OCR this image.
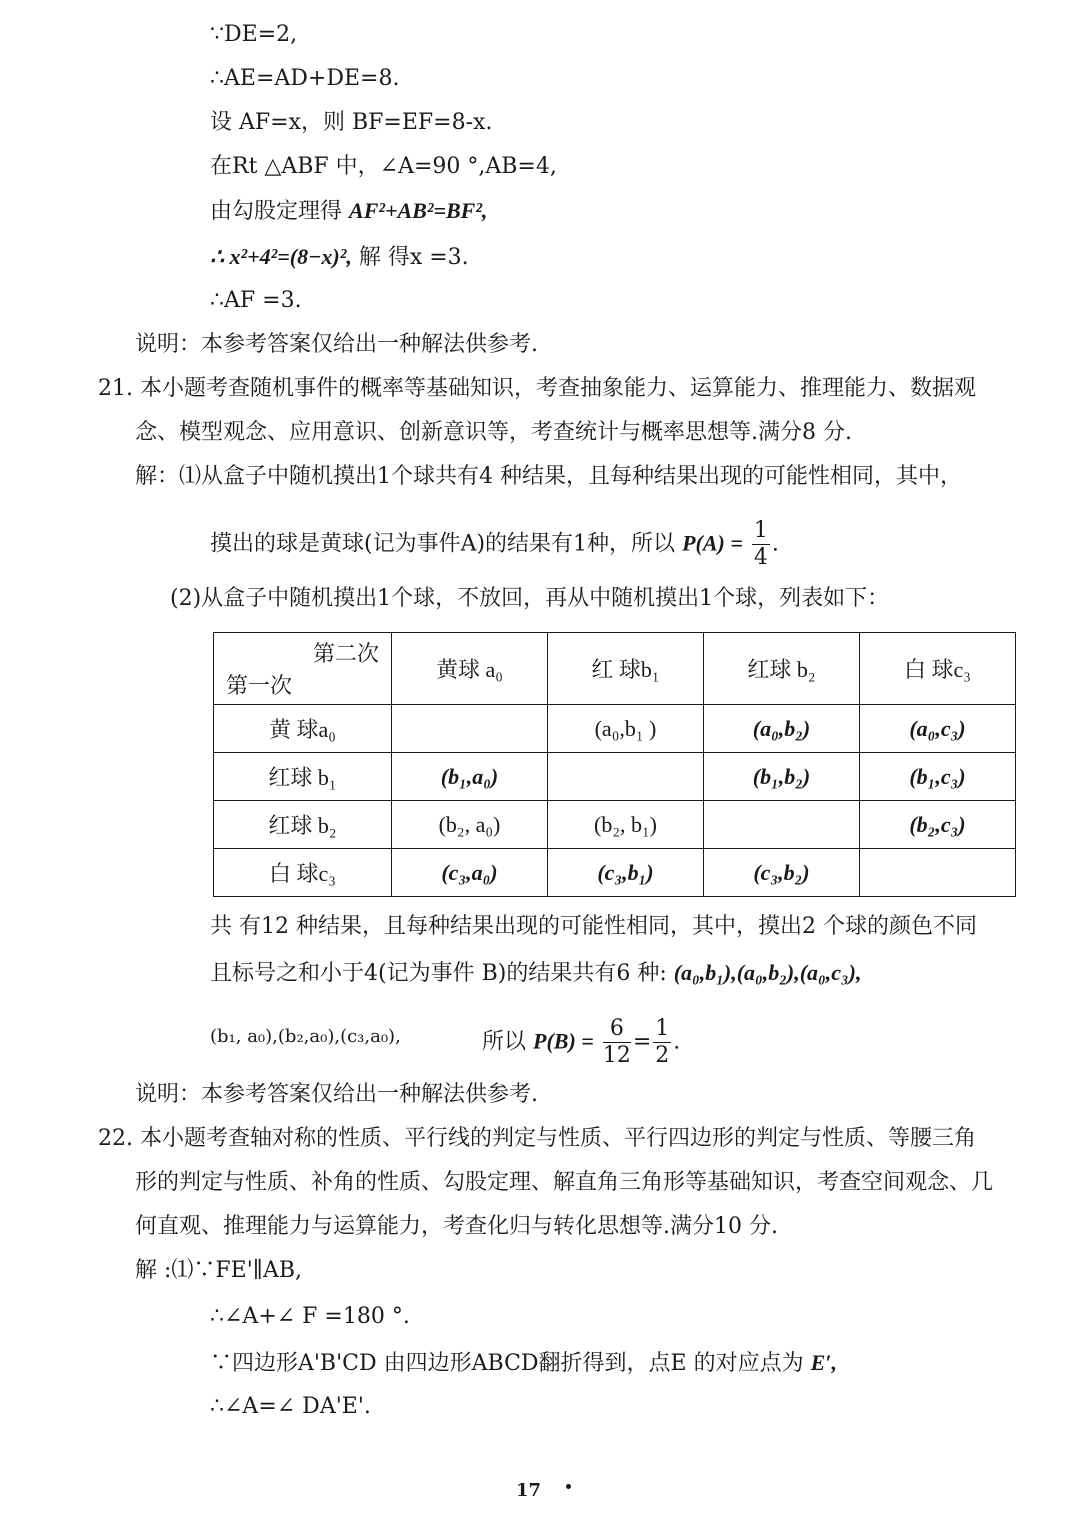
∵DE=2,
∴AE=AD+DE=8.
设 AF=x，则 BF=EF=8-x.
在Rt △ABF 中，∠A=90 °,AB=4,
由勾股定理得 AF²+AB²=BF²,
∴ x²+4²=(8−x)², 解 得x =3.
∴AF =3.
说明：本参考答案仅给出一种解法供参考.
21. 本小题考查随机事件的概率等基础知识，考查抽象能力、运算能力、推理能力、数据观
念、模型观念、应用意识、创新意识等，考查统计与概率思想等.满分8 分.
解：⑴从盒子中随机摸出1个球共有4 种结果，且每种结果出现的可能性相同，其中，
摸出的球是黄球(记为事件A)的结果有1种，所以 $P(A) = \frac{1}{4}$ .
(2)从盒子中随机摸出1个球，不放回，再从中随机摸出1个球，列表如下：
第二次
第一次	黄球 a₀	红 球b₁	红球 b₂	白 球c₃
黄 球a₀		(a₀,b₁ )	(a₀,b₂)	(a₀,c₃)
红球 b₁	(b₁,a₀)		(b₁,b₂)	(b₁,c₃)
红球 b₂	(b₂, a₀)	(b₂, b₁)		(b₂,c₃)
白 球c₃	(c₃,a₀)	(c₃,b₁)	(c₃,b₂)	
共 有12 种结果，且每种结果出现的可能性相同，其中，摸出2 个球的颜色不同
且标号之和小于4(记为事件 B)的结果共有6 种: (a₀,b₁),(a₀,b₂),(a₀,c₃),
(b₁, a₀),(b₂,a₀),(c₃,a₀),	所以 $P(B) = \frac{6}{12} = \frac{1}{2}$ .
说明：本参考答案仅给出一种解法供参考.
22. 本小题考查轴对称的性质、平行线的判定与性质、平行四边形的判定与性质、等腰三角
形的判定与性质、补角的性质、勾股定理、解直角三角形等基础知识，考查空间观念、几
何直观、推理能力与运算能力，考查化归与转化思想等.满分10 分.
解 :⑴∵FE'∥AB,
∴∠A+∠ F =180 °.
∵四边形A'B'CD 由四边形ABCD翻折得到，点E 的对应点为 E′,
∴∠A=∠ DA'E'.
17
